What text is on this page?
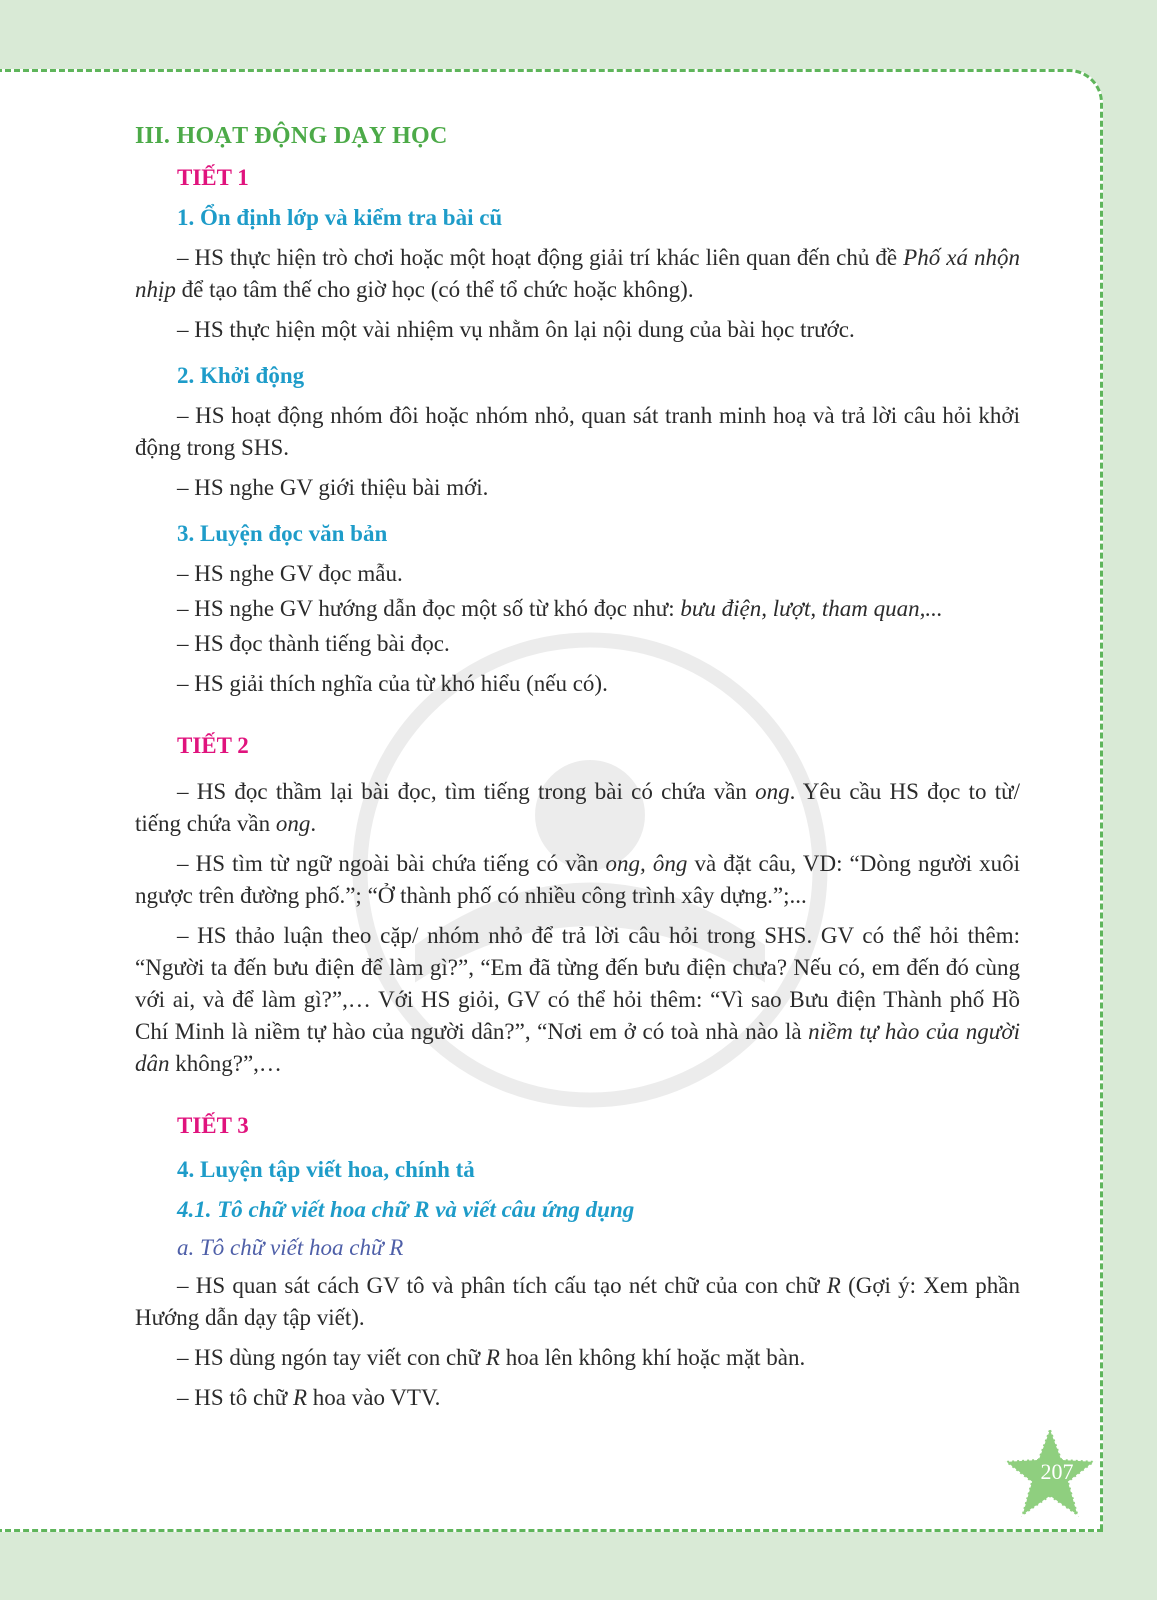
III. HOẠT ĐỘNG DẠY HỌC
TIẾT 1
1. Ổn định lớp và kiểm tra bài cũ

– HS thực hiện trò chơi hoặc một hoạt động giải trí khác liên quan đến chủ đề Phố xá nhộn nhịp để tạo tâm thế cho giờ học (có thể tổ chức hoặc không).

– HS thực hiện một vài nhiệm vụ nhằm ôn lại nội dung của bài học trước.

2. Khởi động

– HS hoạt động nhóm đôi hoặc nhóm nhỏ, quan sát tranh minh hoạ và trả lời câu hỏi khởi động trong SHS.

– HS nghe GV giới thiệu bài mới.

3. Luyện đọc văn bản

– HS nghe GV đọc mẫu.

– HS nghe GV hướng dẫn đọc một số từ khó đọc như: bưu điện, lượt, tham quan,...

– HS đọc thành tiếng bài đọc.

– HS giải thích nghĩa của từ khó hiểu (nếu có).

TIẾT 2

– HS đọc thầm lại bài đọc, tìm tiếng trong bài có chứa vần ong. Yêu cầu HS đọc to từ/ tiếng chứa vần ong.

– HS tìm từ ngữ ngoài bài chứa tiếng có vần ong, ông và đặt câu, VD: “Dòng người xuôi ngược trên đường phố.”; “Ở thành phố có nhiều công trình xây dựng.”;...

– HS thảo luận theo cặp/ nhóm nhỏ để trả lời câu hỏi trong SHS. GV có thể hỏi thêm: “Người ta đến bưu điện để làm gì?”, “Em đã từng đến bưu điện chưa? Nếu có, em đến đó cùng với ai, và để làm gì?”,… Với HS giỏi, GV có thể hỏi thêm: “Vì sao Bưu điện Thành phố Hồ Chí Minh là niềm tự hào của người dân?”, “Nơi em ở có toà nhà nào là niềm tự hào của người dân không?”,…

TIẾT 3
4. Luyện tập viết hoa, chính tả
4.1. Tô chữ viết hoa chữ R và viết câu ứng dụng
a. Tô chữ viết hoa chữ R

– HS quan sát cách GV tô và phân tích cấu tạo nét chữ của con chữ R (Gợi ý: Xem phần Hướng dẫn dạy tập viết).

– HS dùng ngón tay viết con chữ R hoa lên không khí hoặc mặt bàn.

– HS tô chữ R hoa vào VTV.

207
